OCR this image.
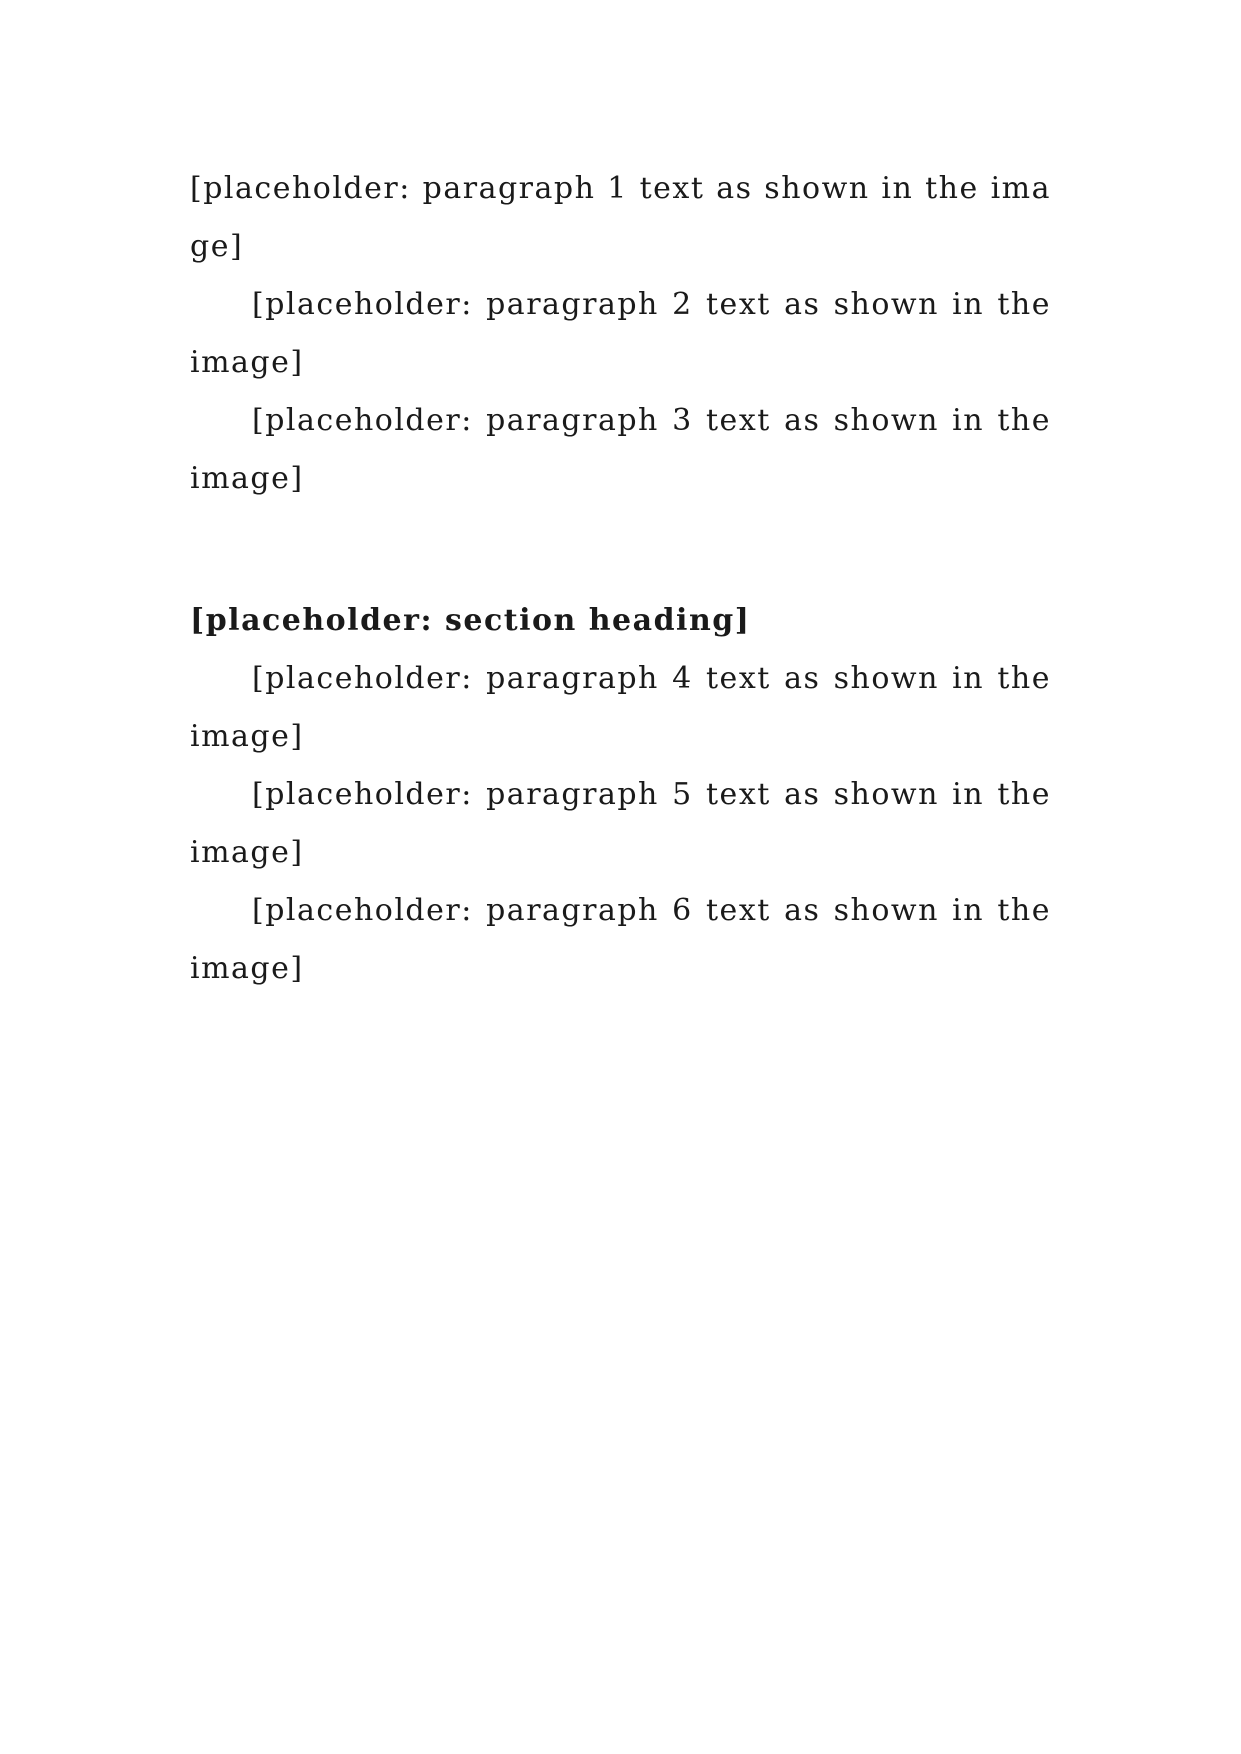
[placeholder: paragraph 1 text as shown in the image]

[placeholder: paragraph 2 text as shown in the image]

[placeholder: paragraph 3 text as shown in the image]

[placeholder: section heading]

[placeholder: paragraph 4 text as shown in the image]

[placeholder: paragraph 5 text as shown in the image]

[placeholder: paragraph 6 text as shown in the image]
